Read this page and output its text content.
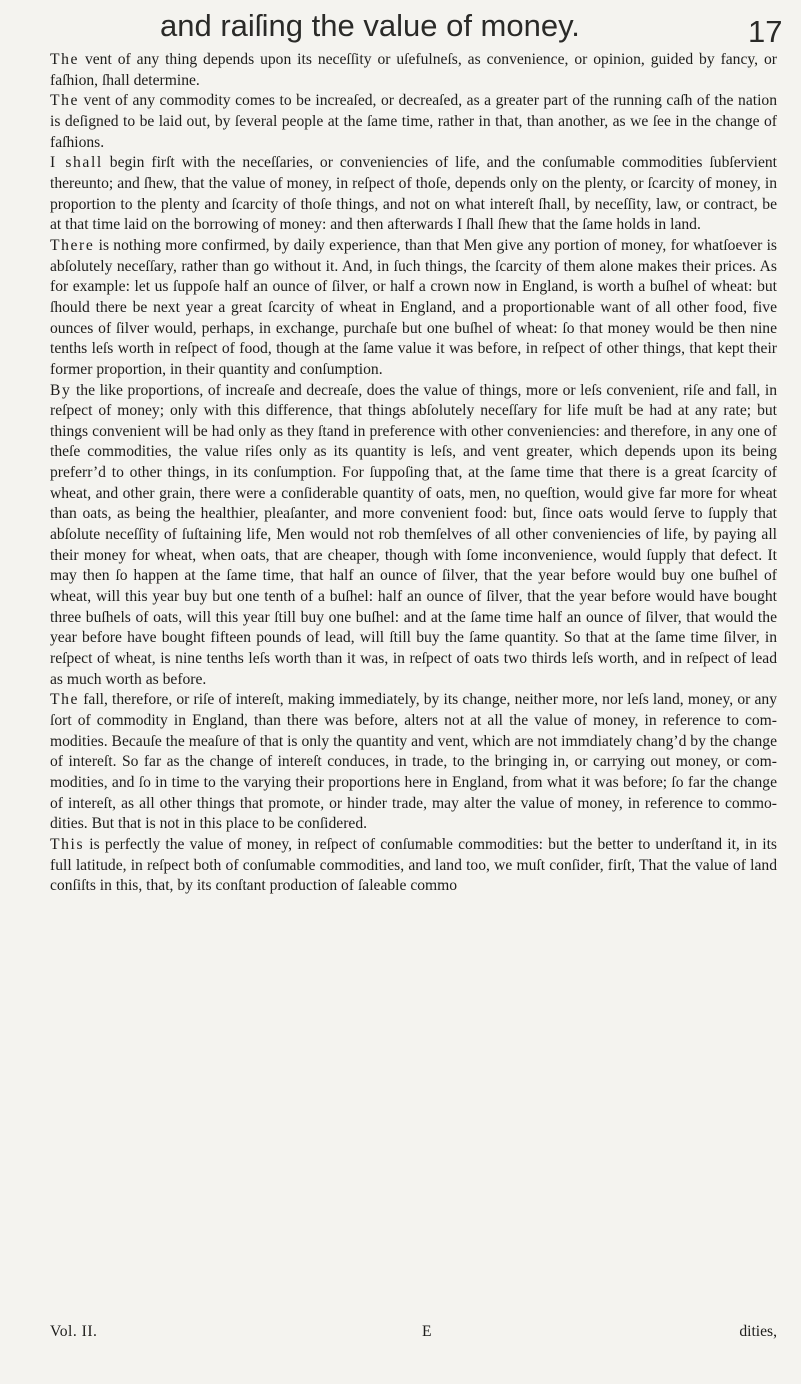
and raiſing the value of money.	17

The vent of any thing depends upon its neceſſity or uſefulneſs, as convenience, or opinion, guided by fancy, or faſhion, ſhall determine.

The vent of any commodity comes to be increaſed, or decreaſed, as a greater part of the running caſh of the nation is deſigned to be laid out, by ſeveral people at the ſame time, rather in that, than another, as we ſee in the change of faſhions.

I shall begin firſt with the neceſſaries, or conveniencies of life, and the conſumable commodities ſubſervient thereunto; and ſhew, that the value of money, in reſpect of thoſe, depends only on the plenty, or ſcarcity of money, in proportion to the plenty and ſcarcity of thoſe things, and not on what intereſt ſhall, by neceſſity, law, or contract, be at that time laid on the borrowing of money: and then afterwards I ſhall ſhew that the ſame holds in land.

There is nothing more confirmed, by daily experience, than that Men give any portion of money, for whatſoever is abſolutely neceſſary, rather than go without it. And, in ſuch things, the ſcarcity of them alone makes their prices. As for example: let us ſuppoſe half an ounce of ſilver, or half a crown now in England, is worth a buſhel of wheat: but ſhould there be next year a great ſcarcity of wheat in England, and a proportionable want of all other food, five ounces of ſilver would, perhaps, in exchange, purchaſe but one buſhel of wheat: ſo that money would be then nine tenths leſs worth in reſpect of food, though at the ſame value it was before, in reſpect of other things, that kept their former proportion, in their quantity and conſumption.

By the like proportions, of increaſe and decreaſe, does the value of things, more or leſs convenient, riſe and fall, in reſpect of money; only with this difference, that things abſolutely neceſſary for life muſt be had at any rate; but things convenient will be had only as they ſtand in preference with other conveniencies: and therefore, in any one of theſe commodities, the value riſes only as its quantity is leſs, and vent greater, which depends upon its being preferr’d to other things, in its conſumption. For ſuppoſing that, at the ſame time that there is a great ſcarcity of wheat, and other grain, there were a conſiderable quantity of oats, men, no queſtion, would give far more for wheat than oats, as being the healthier, pleaſanter, and more convenient food: but, ſince oats would ſerve to ſupply that abſolute neceſſity of ſuſtaining life, Men would not rob themſelves of all other conveniencies of life, by paying all their money for wheat, when oats, that are cheaper, though with ſome inconvenience, would ſupply that defect. It may then ſo happen at the ſame time, that half an ounce of ſilver, that the year before would buy one buſhel of wheat, will this year buy but one tenth of a buſhel: half an ounce of ſilver, that the year before would have bought three buſhels of oats, will this year ſtill buy one buſhel: and at the ſame time half an ounce of ſilver, that would the year before have bought fifteen pounds of lead, will ſtill buy the ſame quantity. So that at the ſame time ſilver, in reſpect of wheat, is nine tenths leſs worth than it was, in reſpect of oats two thirds leſs worth, and in reſpect of lead as much worth as before.

The fall, therefore, or riſe of intereſt, making immediately, by its change, neither more, nor leſs land, money, or any ſort of commodity in England, than there was before, alters not at all the value of money, in reference to commodities. Becauſe the meaſure of that is only the quantity and vent, which are not immdiately chang’d by the change of intereſt. So far as the change of intereſt conduces, in trade, to the bringing in, or carrying out money, or commodities, and ſo in time to the varying their proportions here in England, from what it was before; ſo far the change of intereſt, as all other things that promote, or hinder trade, may alter the value of money, in reference to commodities. But that is not in this place to be conſidered.

This is perfectly the value of money, in reſpect of conſumable commodities: but the better to underſtand it, in its full latitude, in reſpect both of conſumable commodities, and land too, we muſt conſider, firſt, That the value of land conſiſts in this, that, by its conſtant production of ſaleable commo

Vol. II.	E	dities,
